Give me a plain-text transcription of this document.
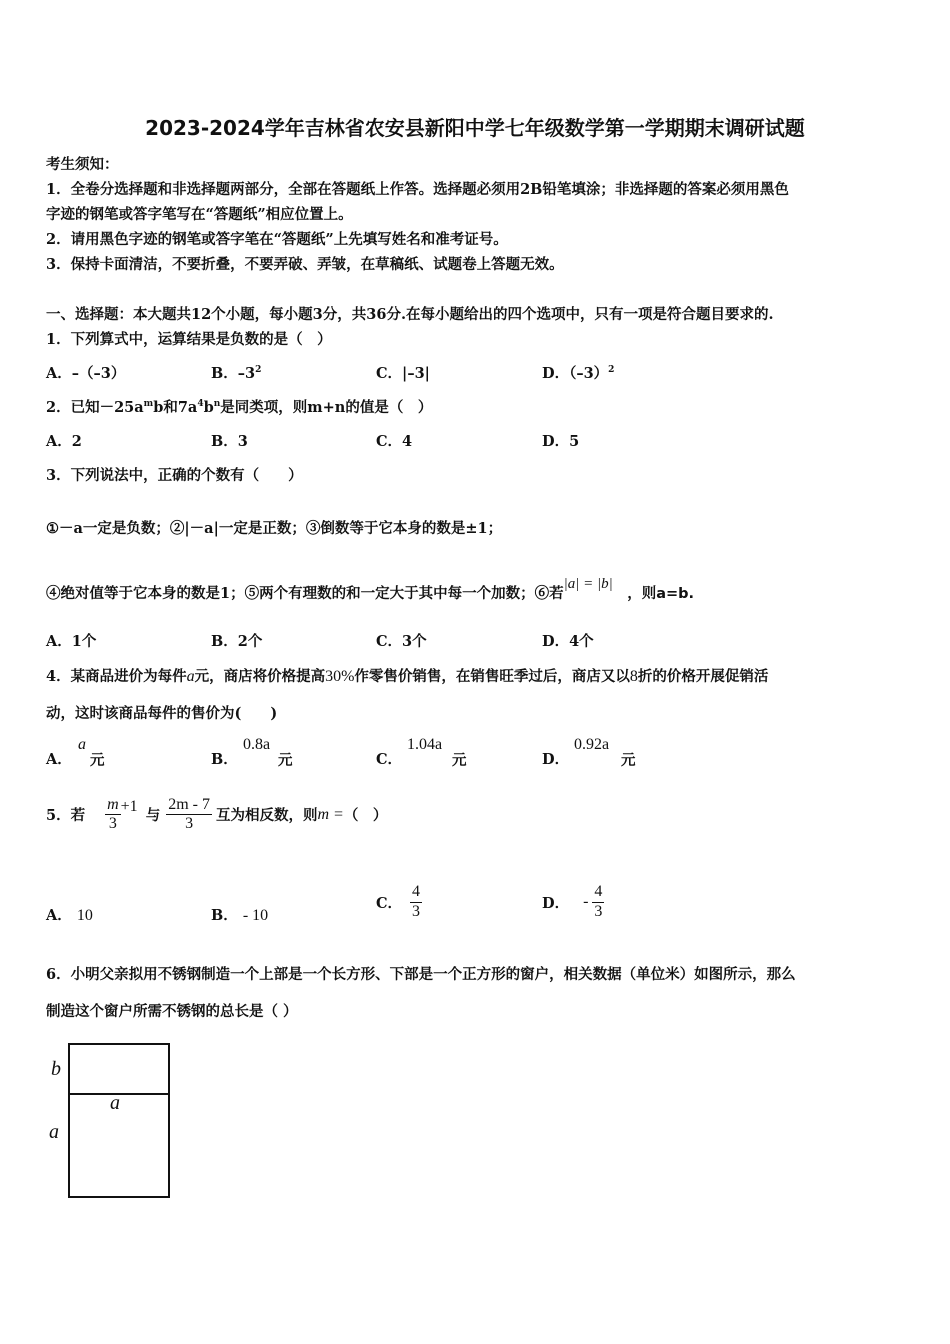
2023-2024学年吉林省农安县新阳中学七年级数学第一学期期末调研试题
考生须知：
1．全卷分选择题和非选择题两部分，全部在答题纸上作答。选择题必须用2B铅笔填涂；非选择题的答案必须用黑色
字迹的钢笔或答字笔写在“答题纸”相应位置上。
2．请用黑色字迹的钢笔或答字笔在“答题纸”上先填写姓名和准考证号。
3．保持卡面清洁，不要折叠，不要弄破、弄皱，在草稿纸、试题卷上答题无效。
一、选择题：本大题共12个小题，每小题3分，共36分.在每小题给出的四个选项中，只有一项是符合题目要求的.
1．下列算式中，运算结果是负数的是（　）
A．–（–3）	B．$-3^2$	C．|–3|	D．$(-3)^2$
2．已知$-25a^mb$和$7a^4b^n$是同类项，则m+n的值是（　）
A．2	B．3	C．4	D．5
3．下列说法中，正确的个数有（　　）
①－a一定是负数；②|－a|一定是正数；③倒数等于它本身的数是±1；
④绝对值等于它本身的数是1；⑤两个有理数的和一定大于其中每一个加数；⑥若|a| = |b|　，则a=b.
A．1个	B．2个	C．3个	D．4个
4．某商品进价为每件a元，商店将价格提高30%作零售价销售，在销售旺季过后，商店又以8折的价格开展促销活
动，这时该商品每件的售价为(　　)
A．
a
元	B．
0.8a
元	C．
1.04a
元	D．
0.92a
元
5．若 $\frac{m}{3} +1$
与 $\frac{2m - 7}{3}$ 互为相反数，则 m = （　）
A． 10	B． - 10
C． $\frac{4}{3}$	D． - $\frac{4}{3}$
6．小明父亲拟用不锈钢制造一个上部是一个长方形、下部是一个正方形的窗户，相关数据（单位米）如图所示，那么
制造这个窗户所需不锈钢的总长是（ ）
b
a
a
